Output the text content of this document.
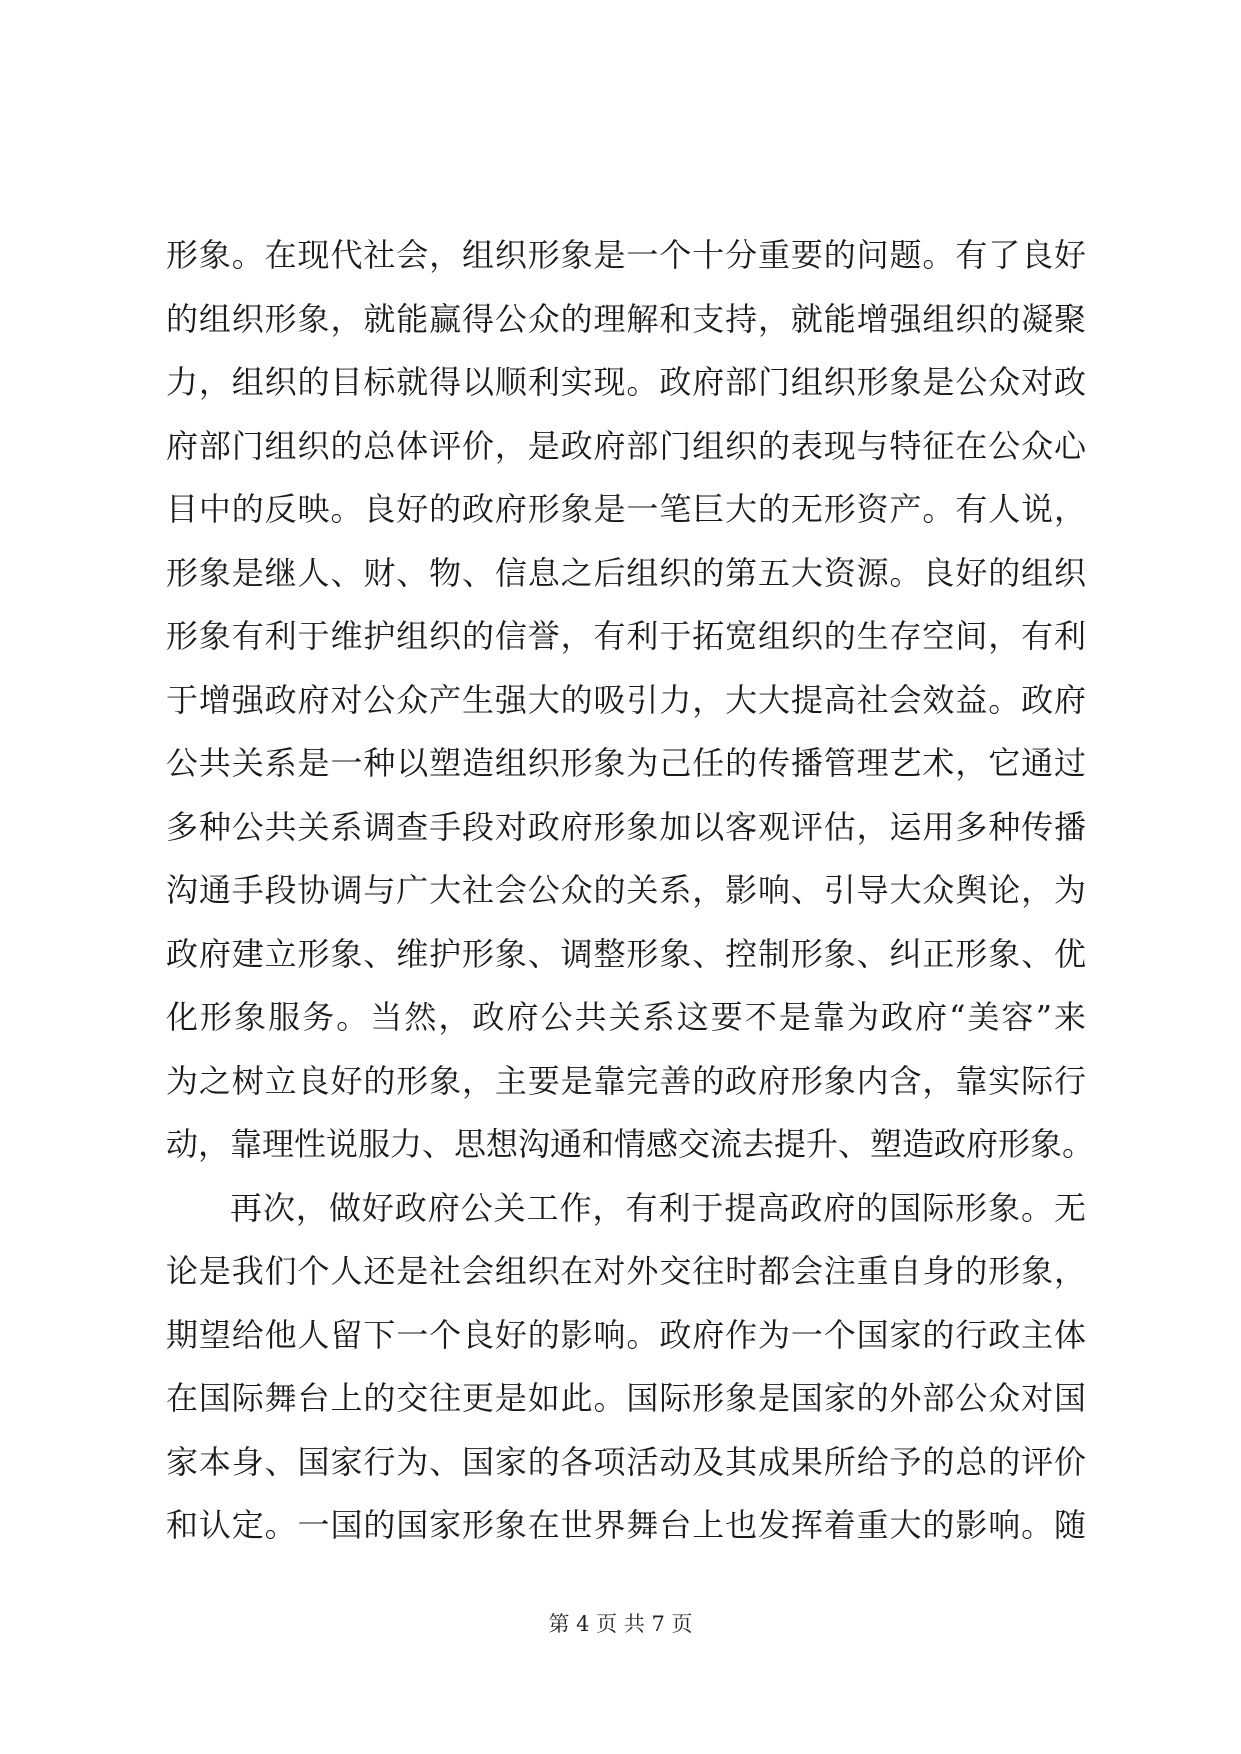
形象。在现代社会，组织形象是一个十分重要的问题。有了良好
的组织形象，就能赢得公众的理解和支持，就能增强组织的凝聚
力，组织的目标就得以顺利实现。政府部门组织形象是公众对政
府部门组织的总体评价，是政府部门组织的表现与特征在公众心
目中的反映。良好的政府形象是一笔巨大的无形资产。有人说，
形象是继人、财、物、信息之后组织的第五大资源。良好的组织
形象有利于维护组织的信誉，有利于拓宽组织的生存空间，有利
于增强政府对公众产生强大的吸引力，大大提高社会效益。政府
公共关系是一种以塑造组织形象为己任的传播管理艺术，它通过
多种公共关系调查手段对政府形象加以客观评估，运用多种传播
沟通手段协调与广大社会公众的关系，影响、引导大众舆论，为
政府建立形象、维护形象、调整形象、控制形象、纠正形象、优
化形象服务。当然，政府公共关系这要不是靠为政府“美容”来
为之树立良好的形象，主要是靠完善的政府形象内含，靠实际行
动，靠理性说服力、思想沟通和情感交流去提升、塑造政府形象。
再次，做好政府公关工作，有利于提高政府的国际形象。无
论是我们个人还是社会组织在对外交往时都会注重自身的形象，
期望给他人留下一个良好的影响。政府作为一个国家的行政主体
在国际舞台上的交往更是如此。国际形象是国家的外部公众对国
家本身、国家行为、国家的各项活动及其成果所给予的总的评价
和认定。一国的国家形象在世界舞台上也发挥着重大的影响。随
第 4 页 共 7 页
